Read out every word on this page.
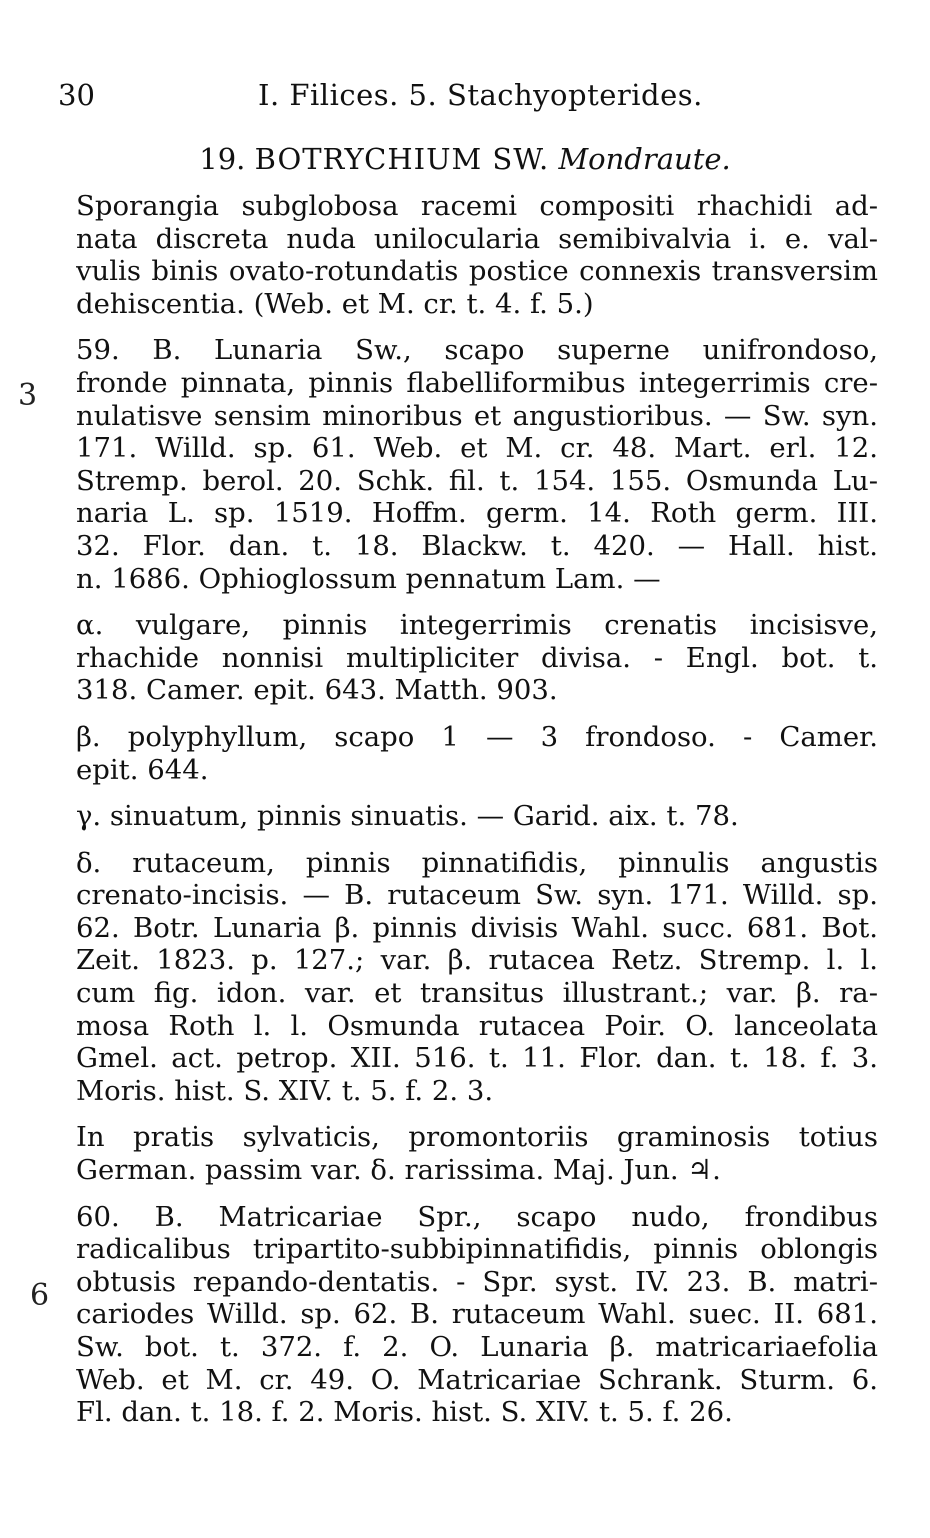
30	I. Filices. 5. Stachyopterides.
19. BOTRYCHIUM SW. Mondraute.
3
6
Sporangia subglobosa racemi compositi rhachidi ad-
nata discreta nuda unilocularia semibivalvia i. e. val-
vulis binis ovato-rotundatis postice connexis transversim
dehiscentia. (Web. et M. cr. t. 4. f. 5.)
59. B. Lunaria Sw., scapo superne unifrondoso,
fronde pinnata, pinnis flabelliformibus integerrimis cre-
nulatisve sensim minoribus et angustioribus. — Sw. syn.
171. Willd. sp. 61. Web. et M. cr. 48. Mart. erl. 12.
Stremp. berol. 20. Schk. fil. t. 154. 155. Osmunda Lu-
naria L. sp. 1519. Hoffm. germ. 14. Roth germ. III.
32. Flor. dan. t. 18. Blackw. t. 420. — Hall. hist.
n. 1686. Ophioglossum pennatum Lam. —
α. vulgare, pinnis integerrimis crenatis incisisve,
rhachide nonnisi multipliciter divisa. - Engl. bot. t.
318. Camer. epit. 643. Matth. 903.
β. polyphyllum, scapo 1 — 3 frondoso. - Camer.
epit. 644.
γ. sinuatum, pinnis sinuatis. — Garid. aix. t. 78.
δ. rutaceum, pinnis pinnatifidis, pinnulis angustis
crenato-incisis. — B. rutaceum Sw. syn. 171. Willd. sp.
62. Botr. Lunaria β. pinnis divisis Wahl. succ. 681. Bot.
Zeit. 1823. p. 127.; var. β. rutacea Retz. Stremp. l. l.
cum fig. idon. var. et transitus illustrant.; var. β. ra-
mosa Roth l. l. Osmunda rutacea Poir. O. lanceolata
Gmel. act. petrop. XII. 516. t. 11. Flor. dan. t. 18. f. 3.
Moris. hist. S. XIV. t. 5. f. 2. 3.
In pratis sylvaticis, promontoriis graminosis totius
German. passim var. δ. rarissima. Maj. Jun. ♃.
60. B. Matricariae Spr., scapo nudo, frondibus
radicalibus tripartito-subbipinnatifidis, pinnis oblongis
obtusis repando-dentatis. - Spr. syst. IV. 23. B. matri-
cariodes Willd. sp. 62. B. rutaceum Wahl. suec. II. 681.
Sw. bot. t. 372. f. 2. O. Lunaria β. matricariaefolia
Web. et M. cr. 49. O. Matricariae Schrank. Sturm. 6.
Fl. dan. t. 18. f. 2. Moris. hist. S. XIV. t. 5. f. 26.
